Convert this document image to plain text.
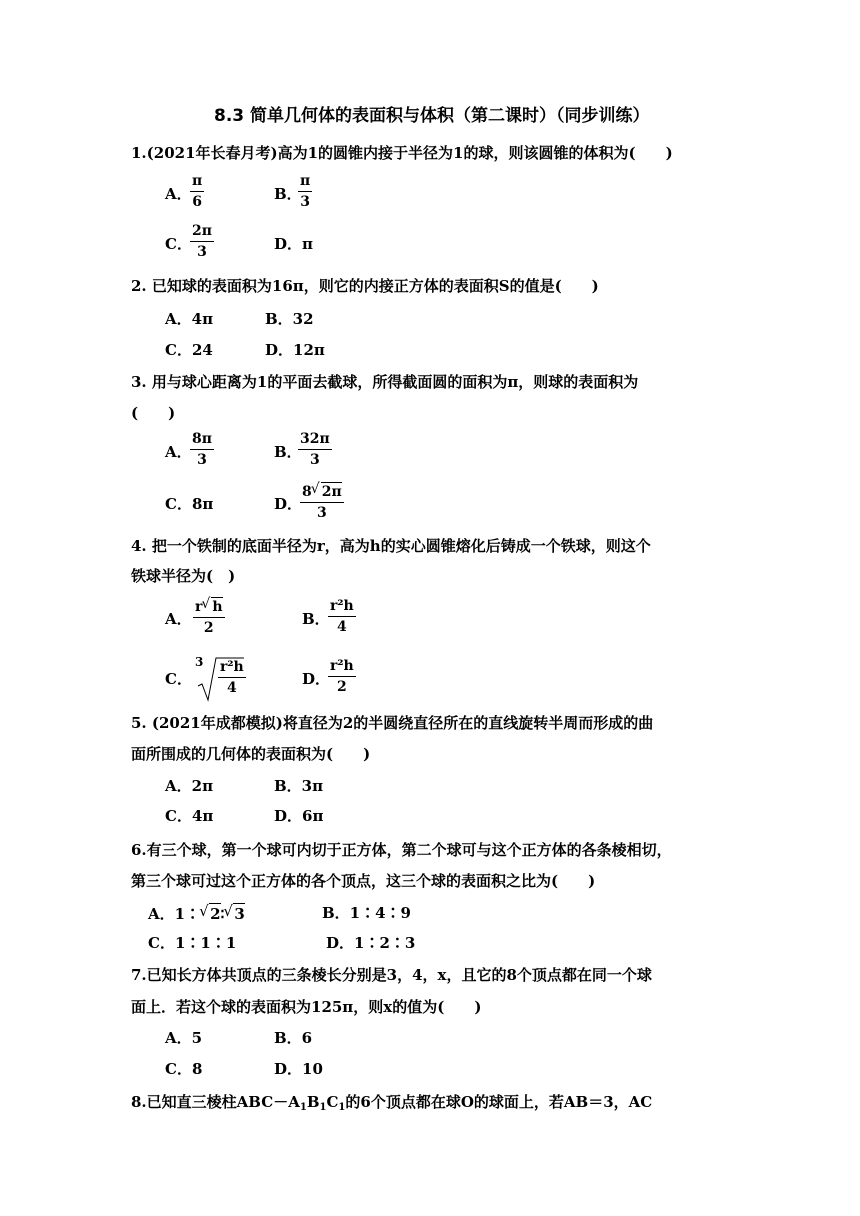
8.3 简单几何体的表面积与体积（第二课时）（同步训练）
1.(2021年长春月考)高为1的圆锥内接于半径为1的球，则该圆锥的体积为(　　)
A．
$\frac{\pi}{6}$	B．
$\frac{\pi}{3}$
C．
$\frac{2\pi}{3}$	D．π
2. 已知球的表面积为16π，则它的内接正方体的表面积S的值是(　　)
A．4π	B．32
C．24	D．12π
3. 用与球心距离为1的平面去截球，所得截面圆的面积为π，则球的表面积为
(　　)
A．
$\frac{8\pi}{3}$	B．
$\frac{32\pi}{3}$
C．8π	D．
$\frac{8 √ 2\pi}{3}$
4. 把一个铁制的底面半径为r，高为h的实心圆锥熔化后铸成一个铁球，则这个
铁球半径为(　)
A． $\frac{r √ h}{2}$	B．
$\frac{\text{r²h}}{4}$
C．
$3 \frac{\text{r²h}}{4}$	D．
$\frac{\text{r²h}}{2}$
5. (2021年成都模拟)将直径为2的半圆绕直径所在的直线旋转半周而形成的曲
面所围成的几何体的表面积为(　　)
A．2π	B．3π
C．4π	D．6π
6.有三个球，第一个球可内切于正方体，第二个球可与这个正方体的各条棱相切，
第三个球可过这个正方体的各个顶点，这三个球的表面积之比为(　　)
A．1∶ √ 2∶ √ 3	B．1∶4∶9
C．1∶1∶1	D．1∶2∶3
7.已知长方体共顶点的三条棱长分别是3，4，x，且它的8个顶点都在同一个球
面上．若这个球的表面积为125π，则x的值为(　　)
A．5	B．6
C．8	D．10
8.已知直三棱柱$ABC-A_1B_1C_1$的6个顶点都在球O的球面上，若AB＝3，AC
